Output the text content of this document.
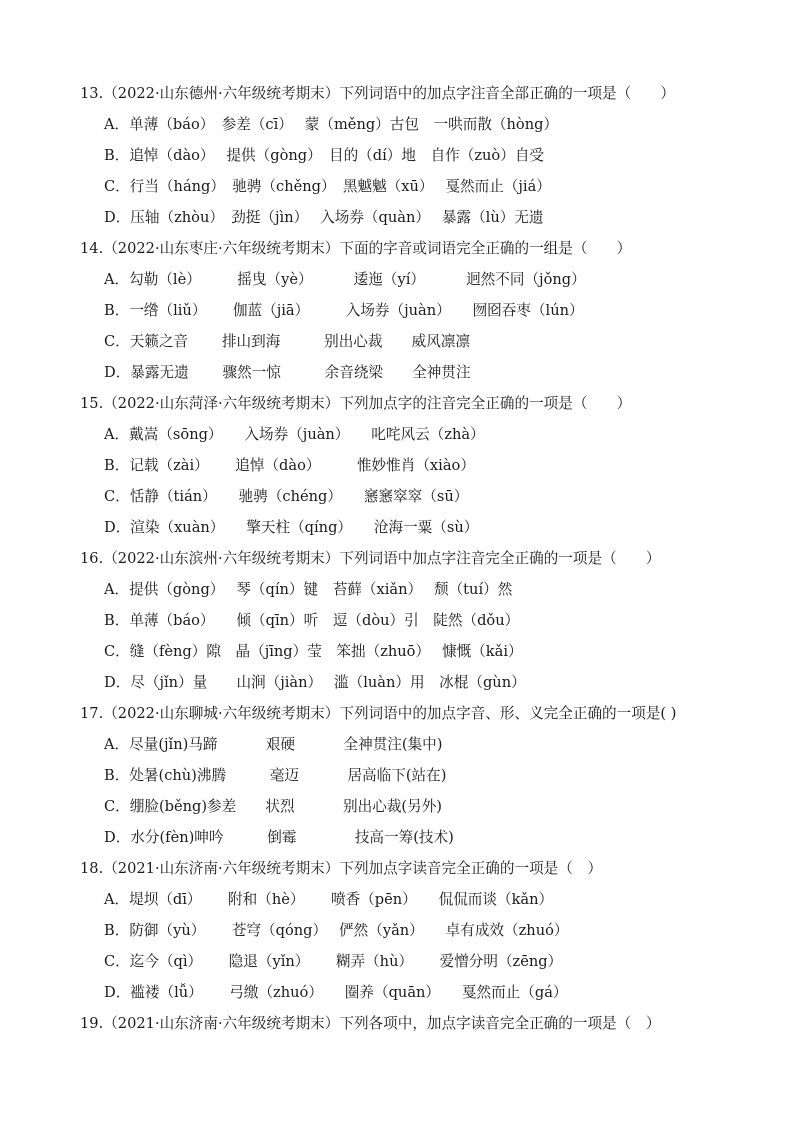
13.（2022·山东德州·六年级统考期末）下列词语中的加点字注音全部正确的一项是（　　）
A．单薄（báo）　参差（cī）　 蒙（měng）古包　一哄而散（hòng）
B．追悼（dào）　 提供（gòng）　目的（dí）地　自作（zuò）自受
C．行当（háng）　驰骋（chěng）　黑魆魆（xū）　 戛然而止（jiá）
D．压轴（zhòu）　劲挺（jìn）　 入场券（quàn）　 暴露（lù）无遗
14.（2022·山东枣庄·六年级统考期末）下面的字音或词语完全正确的一组是（　　）
A．勾勒（lè）　　　摇曳（yè）　　　 逶迤（yí）　　　 迥然不同（jǒng）
B．一绺（liǔ）　　 伽蓝（jiā）　　　入场券（juàn）　　囫囵吞枣（lún）
C．天籁之音　　 排山到海　　　别出心裁　　威风凛凛
D．暴露无遗　　 骤然一惊　　　余音绕梁　　全神贯注
15.（2022·山东菏泽·六年级统考期末）下列加点字的注音完全正确的一项是（　　）
A．戴嵩（sōng）　　入场券（juàn）　　叱咤风云（zhà）
B．记载（zài）　　 追悼（dào）　　　惟妙惟肖（xiào）
C．恬静（tián）　　驰骋（chéng）　　窸窸窣窣（sū）
D．渲染（xuàn）　　擎天柱（qíng）　　沧海一粟（sù）
16.（2022·山东滨州·六年级统考期末）下列词语中加点字注音完全正确的一项是（　　）
A．提供（gòng）　 琴（qín）键　苔藓（xiǎn）　 颓（tuí）然
B．单薄（báo）　　倾（qīn）听　逗（dòu）引　陡然（dǒu）
C．缝（fèng）隙　晶（jīng）莹　笨拙（zhuō）　 慷慨（kǎi）
D．尽（jǐn）量　　山涧（jiàn）　 滥（luàn）用　冰棍（gùn）
17.（2022·山东聊城·六年级统考期末）下列词语中的加点字音、形、义完全正确的一项是( )
A．尽量(jǐn)马蹄　　　 艰硬　　　 全神贯注(集中)
B．处暑(chù)沸腾　　　毫迈　　　 居高临下(站在)
C．绷脸(běng)参差　　状烈　　　 别出心裁(另外)
D．水分(fèn)呻吟　　　倒霉　　　　技高一筹(技术)
18.（2021·山东济南·六年级统考期末）下列加点字读音完全正确的一项是（　）
A．堤坝（dī）　　 附和（hè）　　 喷香（pēn）　　侃侃而谈（kǎn）
B．防御（yù）　　 苍穹（qóng）　 俨然（yǎn）　　卓有成效（zhuó）
C．迄今（qì）　　 隐退（yǐn）　　 糊弄（hù）　　 爱憎分明（zēng）
D．褴褛（lǚ）　　 弓缴（zhuó）　　圈养（quān）　　戛然而止（gá）
19.（2021·山东济南·六年级统考期末）下列各项中，加点字读音完全正确的一项是（　）
